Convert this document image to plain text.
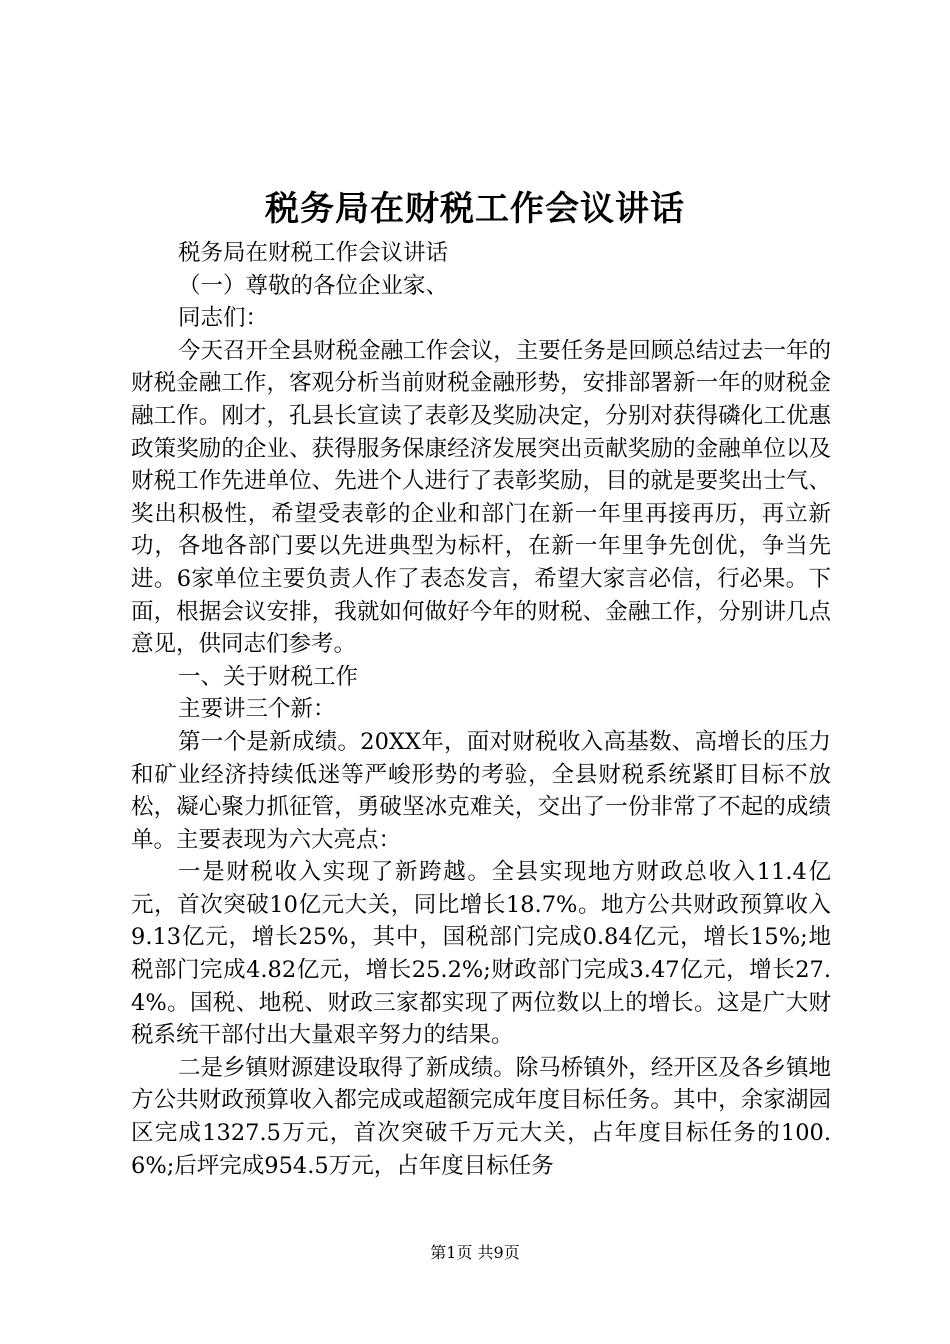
税务局在财税工作会议讲话

税务局在财税工作会议讲话

（一）尊敬的各位企业家、

同志们：

今天召开全县财税金融工作会议，主要任务是回顾总结过去一年的财税金融工作，客观分析当前财税金融形势，安排部署新一年的财税金融工作。刚才，孔县长宣读了表彰及奖励决定，分别对获得磷化工优惠政策奖励的企业、获得服务保康经济发展突出贡献奖励的金融单位以及财税工作先进单位、先进个人进行了表彰奖励，目的就是要奖出士气、奖出积极性，希望受表彰的企业和部门在新一年里再接再历，再立新功，各地各部门要以先进典型为标杆，在新一年里争先创优，争当先进。6家单位主要负责人作了表态发言，希望大家言必信，行必果。下面，根据会议安排，我就如何做好今年的财税、金融工作，分别讲几点意见，供同志们参考。

一、关于财税工作

主要讲三个新：

第一个是新成绩。20XX年，面对财税收入高基数、高增长的压力和矿业经济持续低迷等严峻形势的考验，全县财税系统紧盯目标不放松，凝心聚力抓征管，勇破坚冰克难关，交出了一份非常了不起的成绩单。主要表现为六大亮点：

一是财税收入实现了新跨越。全县实现地方财政总收入11.4亿元，首次突破10亿元大关，同比增长18.7%。地方公共财政预算收入9.13亿元，增长25%，其中，国税部门完成0.84亿元，增长15%;地税部门完成4.82亿元，增长25.2%;财政部门完成3.47亿元，增长27.4%。国税、地税、财政三家都实现了两位数以上的增长。这是广大财税系统干部付出大量艰辛努力的结果。

二是乡镇财源建设取得了新成绩。除马桥镇外，经开区及各乡镇地方公共财政预算收入都完成或超额完成年度目标任务。其中，余家湖园区完成1327.5万元，首次突破千万元大关，占年度目标任务的100.6%;后坪完成954.5万元，占年度目标任务

第1页 共9页
